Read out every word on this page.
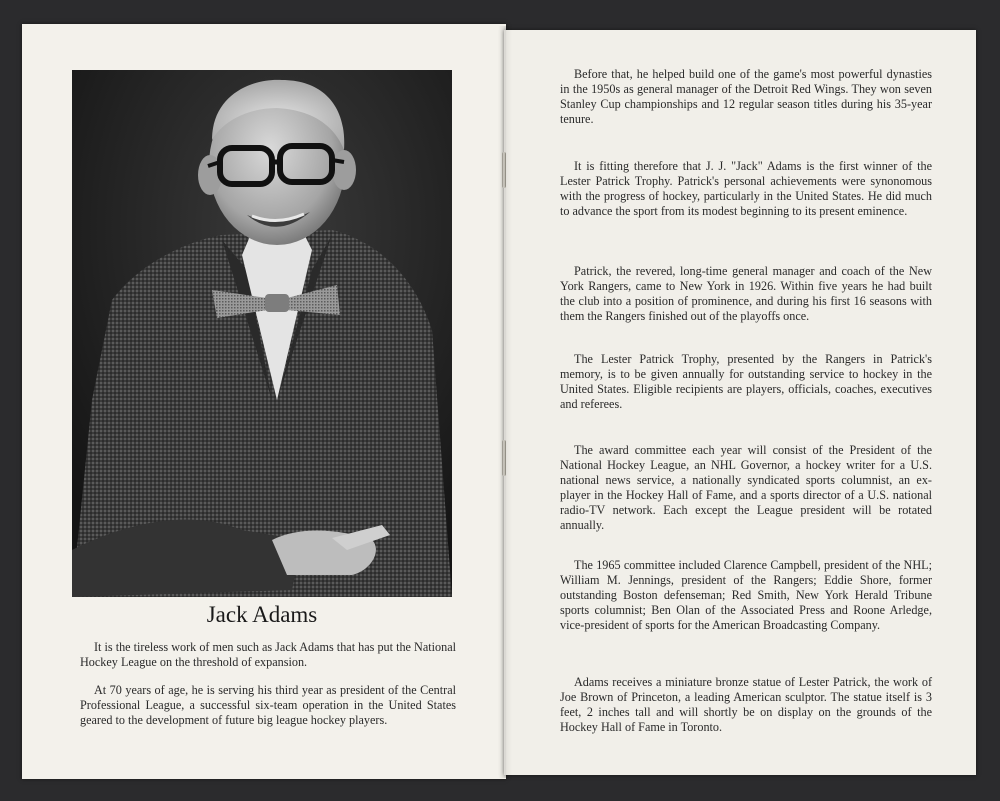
Jack Adams

It is the tireless work of men such as Jack Adams that has put the National Hockey League on the threshold of expansion.

At 70 years of age, he is serving his third year as president of the Central Professional League, a successful six-team operation in the United States geared to the development of future big league hockey players.

Before that, he helped build one of the game's most powerful dynasties in the 1950s as general manager of the Detroit Red Wings. They won seven Stanley Cup championships and 12 regular season titles during his 35-year tenure.

It is fitting therefore that J. J. "Jack" Adams is the first winner of the Lester Patrick Trophy. Patrick's personal achievements were synonomous with the progress of hockey, particularly in the United States. He did much to advance the sport from its modest beginning to its present eminence.

Patrick, the revered, long-time general manager and coach of the New York Rangers, came to New York in 1926. Within five years he had built the club into a position of prominence, and during his first 16 seasons with them the Rangers finished out of the playoffs once.

The Lester Patrick Trophy, presented by the Rangers in Patrick's memory, is to be given annually for outstanding service to hockey in the United States. Eligible recipients are players, officials, coaches, executives and referees.

The award committee each year will consist of the President of the National Hockey League, an NHL Governor, a hockey writer for a U.S. national news service, a nationally syndicated sports columnist, an ex-player in the Hockey Hall of Fame, and a sports director of a U.S. national radio-TV network. Each except the League president will be rotated annually.

The 1965 committee included Clarence Campbell, president of the NHL; William M. Jennings, president of the Rangers; Eddie Shore, former outstanding Boston defenseman; Red Smith, New York Herald Tribune sports columnist; Ben Olan of the Associated Press and Roone Arledge, vice-president of sports for the American Broadcasting Company.

Adams receives a miniature bronze statue of Lester Patrick, the work of Joe Brown of Princeton, a leading American sculptor. The statue itself is 3 feet, 2 inches tall and will shortly be on display on the grounds of the Hockey Hall of Fame in Toronto.
